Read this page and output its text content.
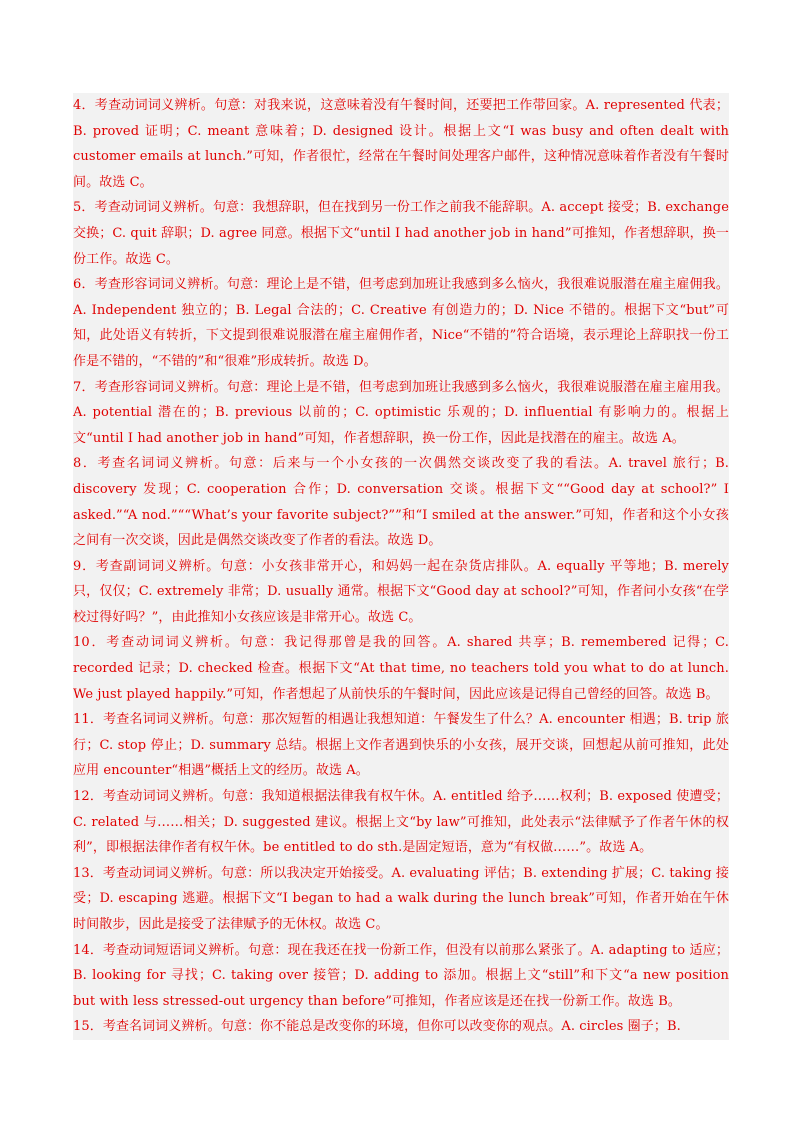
4．考查动词词义辨析。句意：对我来说，这意味着没有午餐时间，还要把工作带回家。A. represented 代表；B. proved 证明；C. meant 意味着；D. designed 设计。根据上文“I was busy and often dealt with customer emails at lunch.”可知，作者很忙，经常在午餐时间处理客户邮件，这种情况意味着作者没有午餐时间。故选 C。

5．考查动词词义辨析。句意：我想辞职，但在找到另一份工作之前我不能辞职。A. accept 接受；B. exchange 交换；C. quit 辞职；D. agree 同意。根据下文“until I had another job in hand”可推知，作者想辞职，换一份工作。故选 C。

6．考查形容词词义辨析。句意：理论上是不错，但考虑到加班让我感到多么恼火，我很难说服潜在雇主雇佣我。A. Independent 独立的；B. Legal 合法的；C. Creative 有创造力的；D. Nice 不错的。根据下文“but”可知，此处语义有转折，下文提到很难说服潜在雇主雇佣作者，Nice“不错的”符合语境，表示理论上辞职找一份工作是不错的，“不错的”和“很难”形成转折。故选 D。

7．考查形容词词义辨析。句意：理论上是不错，但考虑到加班让我感到多么恼火，我很难说服潜在雇主雇用我。A. potential 潜在的；B. previous 以前的；C. optimistic 乐观的；D. influential 有影响力的。根据上文“until I had another job in hand”可知，作者想辞职，换一份工作，因此是找潜在的雇主。故选 A。

8．考查名词词义辨析。句意：后来与一个小女孩的一次偶然交谈改变了我的看法。A. travel 旅行；B. discovery 发现；C. cooperation 合作；D. conversation 交谈。根据下文““Good day at school?” I asked.”“A nod.”““What’s your favorite subject?””和“I smiled at the answer.”可知，作者和这个小女孩之间有一次交谈，因此是偶然交谈改变了作者的看法。故选 D。

9．考查副词词义辨析。句意：小女孩非常开心，和妈妈一起在杂货店排队。A. equally 平等地；B. merely 只，仅仅；C. extremely 非常；D. usually 通常。根据下文“Good day at school?”可知，作者问小女孩“在学校过得好吗？”，由此推知小女孩应该是非常开心。故选 C。

10．考查动词词义辨析。句意：我记得那曾是我的回答。A. shared 共享；B. remembered 记得；C. recorded 记录；D. checked 检查。根据下文“At that time, no teachers told you what to do at lunch. We just played happily.”可知，作者想起了从前快乐的午餐时间，因此应该是记得自己曾经的回答。故选 B。

11．考查名词词义辨析。句意：那次短暂的相遇让我想知道：午餐发生了什么？A. encounter 相遇；B. trip 旅行；C. stop 停止；D. summary 总结。根据上文作者遇到快乐的小女孩，展开交谈，回想起从前可推知，此处应用 encounter“相遇”概括上文的经历。故选 A。

12．考查动词词义辨析。句意：我知道根据法律我有权午休。A. entitled 给予……权利；B. exposed 使遭受；C. related 与……相关；D. suggested 建议。根据上文“by law”可推知，此处表示“法律赋予了作者午休的权利”，即根据法律作者有权午休。be entitled to do sth.是固定短语，意为“有权做……”。故选 A。

13．考查动词词义辨析。句意：所以我决定开始接受。A. evaluating 评估；B. extending 扩展；C. taking 接受；D. escaping 逃避。根据下文“I began to had a walk during the lunch break”可知，作者开始在午休时间散步，因此是接受了法律赋予的无休权。故选 C。

14．考查动词短语词义辨析。句意：现在我还在找一份新工作，但没有以前那么紧张了。A. adapting to 适应；B. looking for 寻找；C. taking over 接管；D. adding to 添加。根据上文“still”和下文“a new position but with less stressed-out urgency than before”可推知，作者应该是还在找一份新工作。故选 B。

15．考查名词词义辨析。句意：你不能总是改变你的环境，但你可以改变你的观点。A. circles 圈子；B.
